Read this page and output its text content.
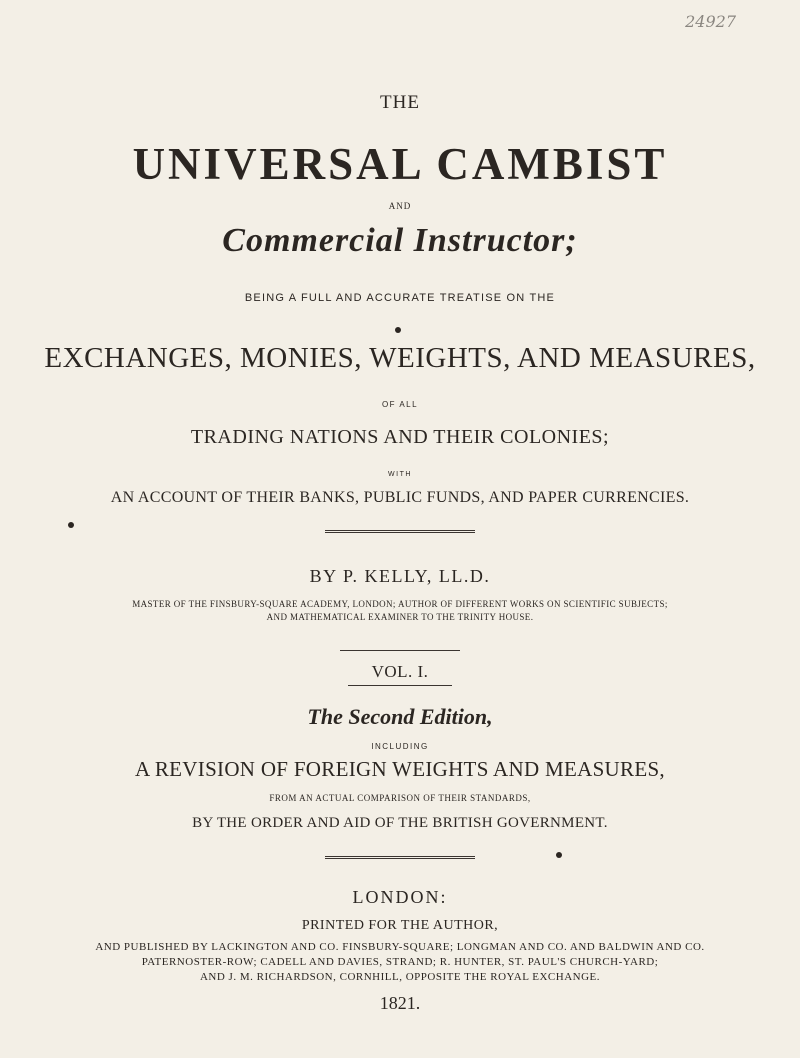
24927
THE
UNIVERSAL CAMBIST
AND
Commercial Instructor;
BEING A FULL AND ACCURATE TREATISE ON THE
EXCHANGES, MONIES, WEIGHTS, AND MEASURES,
OF ALL
TRADING NATIONS AND THEIR COLONIES;
WITH
AN ACCOUNT OF THEIR BANKS, PUBLIC FUNDS, AND PAPER CURRENCIES.
BY P. KELLY, LL.D.
MASTER OF THE FINSBURY-SQUARE ACADEMY, LONDON; AUTHOR OF DIFFERENT WORKS ON SCIENTIFIC SUBJECTS;
AND MATHEMATICAL EXAMINER TO THE TRINITY HOUSE.
VOL. I.
The Second Edition,
INCLUDING
A REVISION OF FOREIGN WEIGHTS AND MEASURES,
FROM AN ACTUAL COMPARISON OF THEIR STANDARDS,
BY THE ORDER AND AID OF THE BRITISH GOVERNMENT.
LONDON:
PRINTED FOR THE AUTHOR,
AND PUBLISHED BY LACKINGTON AND CO. FINSBURY-SQUARE; LONGMAN AND CO. AND BALDWIN AND CO.
PATERNOSTER-ROW; CADELL AND DAVIES, STRAND; R. HUNTER, ST. PAUL'S CHURCH-YARD;
AND J. M. RICHARDSON, CORNHILL, OPPOSITE THE ROYAL EXCHANGE.
1821.
